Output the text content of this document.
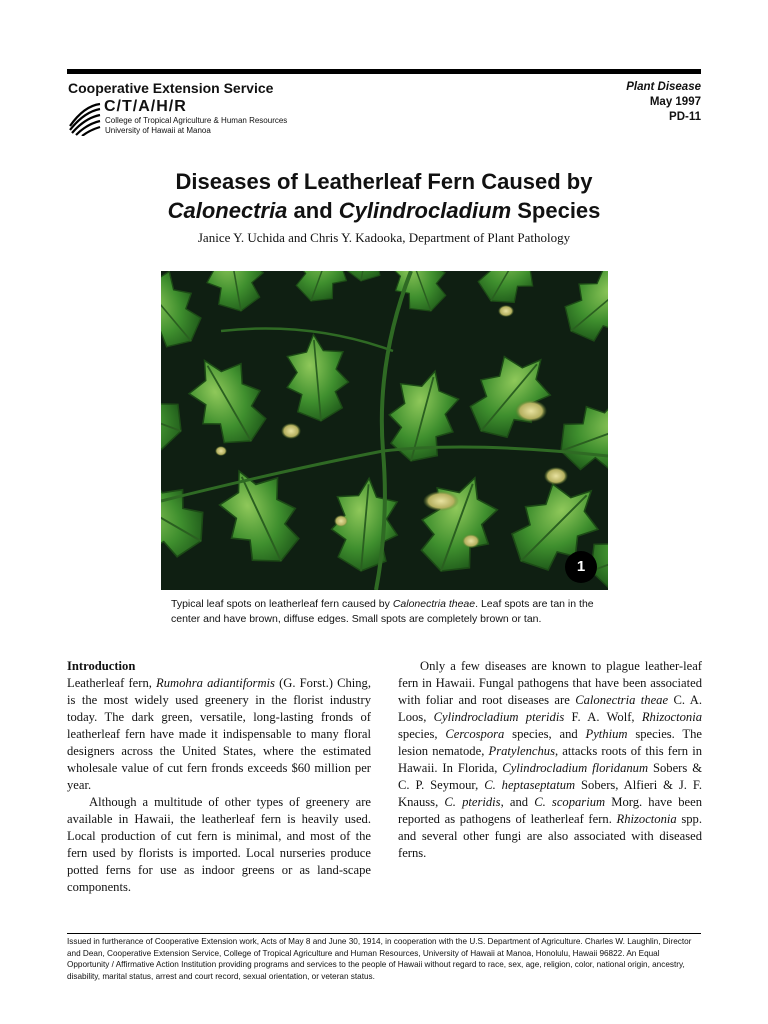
Cooperative Extension Service
C/T/A/H/R
College of Tropical Agriculture & Human Resources
University of Hawaii at Manoa
Plant Disease
May 1997
PD-11
Diseases of Leatherleaf Fern Caused by
Calonectria and Cylindrocladium Species
Janice Y. Uchida and Chris Y. Kadooka, Department of Plant Pathology
1
Typical leaf spots on leatherleaf fern caused by Calonectria theae. Leaf spots are tan in the center and have brown, diffuse edges. Small spots are completely brown or tan.
Introduction

Leatherleaf fern, Rumohra adiantiformis (G. Forst.) Ching, is the most widely used greenery in the florist industry today. The dark green, versatile, long-lasting fronds of leatherleaf fern have made it indispensable to many floral designers across the United States, where the estimated wholesale value of cut fern fronds exceeds $60 million per year.

Although a multitude of other types of greenery are available in Hawaii, the leatherleaf fern is heavily used. Local production of cut fern is minimal, and most of the fern used by florists is imported. Local nurseries produce potted ferns for use as indoor greens or as land-scape components.

Only a few diseases are known to plague leather-leaf fern in Hawaii. Fungal pathogens that have been associated with foliar and root diseases are Calonectria theae C. A. Loos, Cylindrocladium pteridis F. A. Wolf, Rhizoctonia species, Cercospora species, and Pythium species. The lesion nematode, Pratylenchus, attacks roots of this fern in Hawaii. In Florida, Cylindrocladium floridanum Sobers & C. P. Seymour, C. heptaseptatum Sobers, Alfieri & J. F. Knauss, C. pteridis, and C. scoparium Morg. have been reported as pathogens of leatherleaf fern. Rhizoctonia spp. and several other fungi are also associated with diseased ferns.

Issued in furtherance of Cooperative Extension work, Acts of May 8 and June 30, 1914, in cooperation with the U.S. Department of Agriculture. Charles W. Laughlin, Director and Dean, Cooperative Extension Service, College of Tropical Agriculture and Human Resources, University of Hawaii at Manoa, Honolulu, Hawaii 96822. An Equal Opportunity / Affirmative Action Institution providing programs and services to the people of Hawaii without regard to race, sex, age, religion, color, national origin, ancestry, disability, marital status, arrest and court record, sexual orientation, or veteran status.
